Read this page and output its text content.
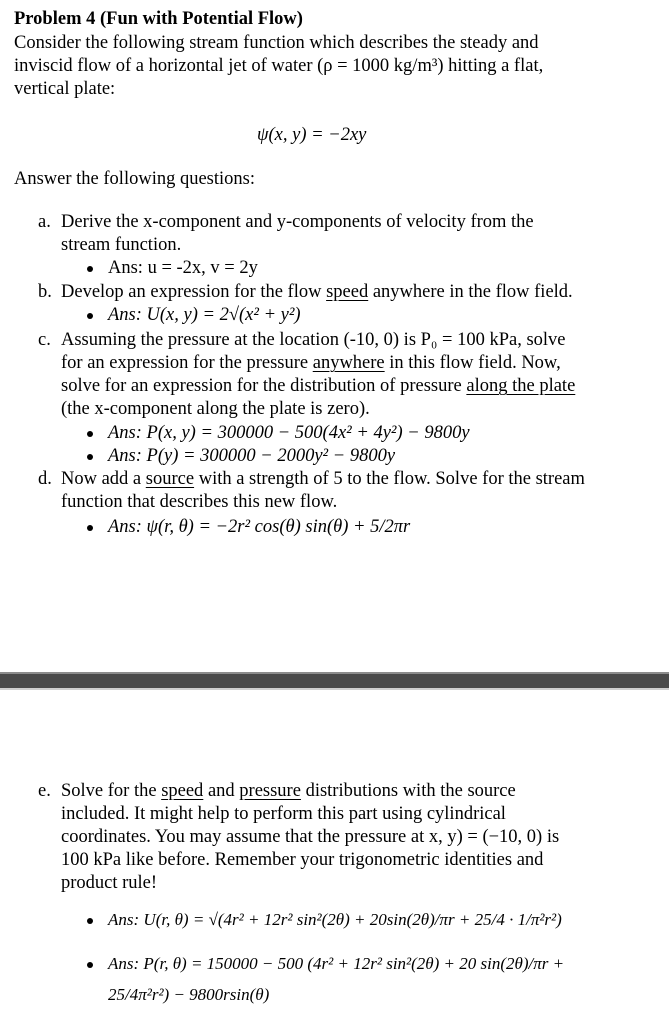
Problem 4 (Fun with Potential Flow)
Consider the following stream function which describes the steady and
inviscid flow of a horizontal jet of water (ρ = 1000 kg/m³) hitting a flat,
vertical plate:
ψ(x, y) = −2xy
Answer the following questions:
a. Derive the x-component and y-components of velocity from the
stream function.
Ans: u = -2x, v = 2y
b. Develop an expression for the flow speed anywhere in the flow field.
Ans: U(x, y) = 2√(x² + y²)
c. Assuming the pressure at the location (-10, 0) is P₀ = 100 kPa, solve
for an expression for the pressure anywhere in this flow field. Now,
solve for an expression for the distribution of pressure along the plate
(the x-component along the plate is zero).
Ans: P(x, y) = 300000 − 500(4x² + 4y²) − 9800y
Ans: P(y) = 300000 − 2000y² − 9800y
d. Now add a source with a strength of 5 to the flow. Solve for the stream
function that describes this new flow.
Ans: ψ(r, θ) = −2r² cos(θ) sin(θ) + 5/2πr
e. Solve for the speed and pressure distributions with the source
included. It might help to perform this part using cylindrical
coordinates. You may assume that the pressure at x, y) = (−10, 0) is
100 kPa like before. Remember your trigonometric identities and
product rule!
Ans: U(r, θ) = √(4r² + 12r² sin²(2θ) + 20sin(2θ)/πr + 25/4 · 1/π²r²)
Ans: P(r, θ) = 150000 − 500 (4r² + 12r² sin²(2θ) + 20 sin(2θ)/πr +
25/4π²r²) − 9800rsin(θ)
